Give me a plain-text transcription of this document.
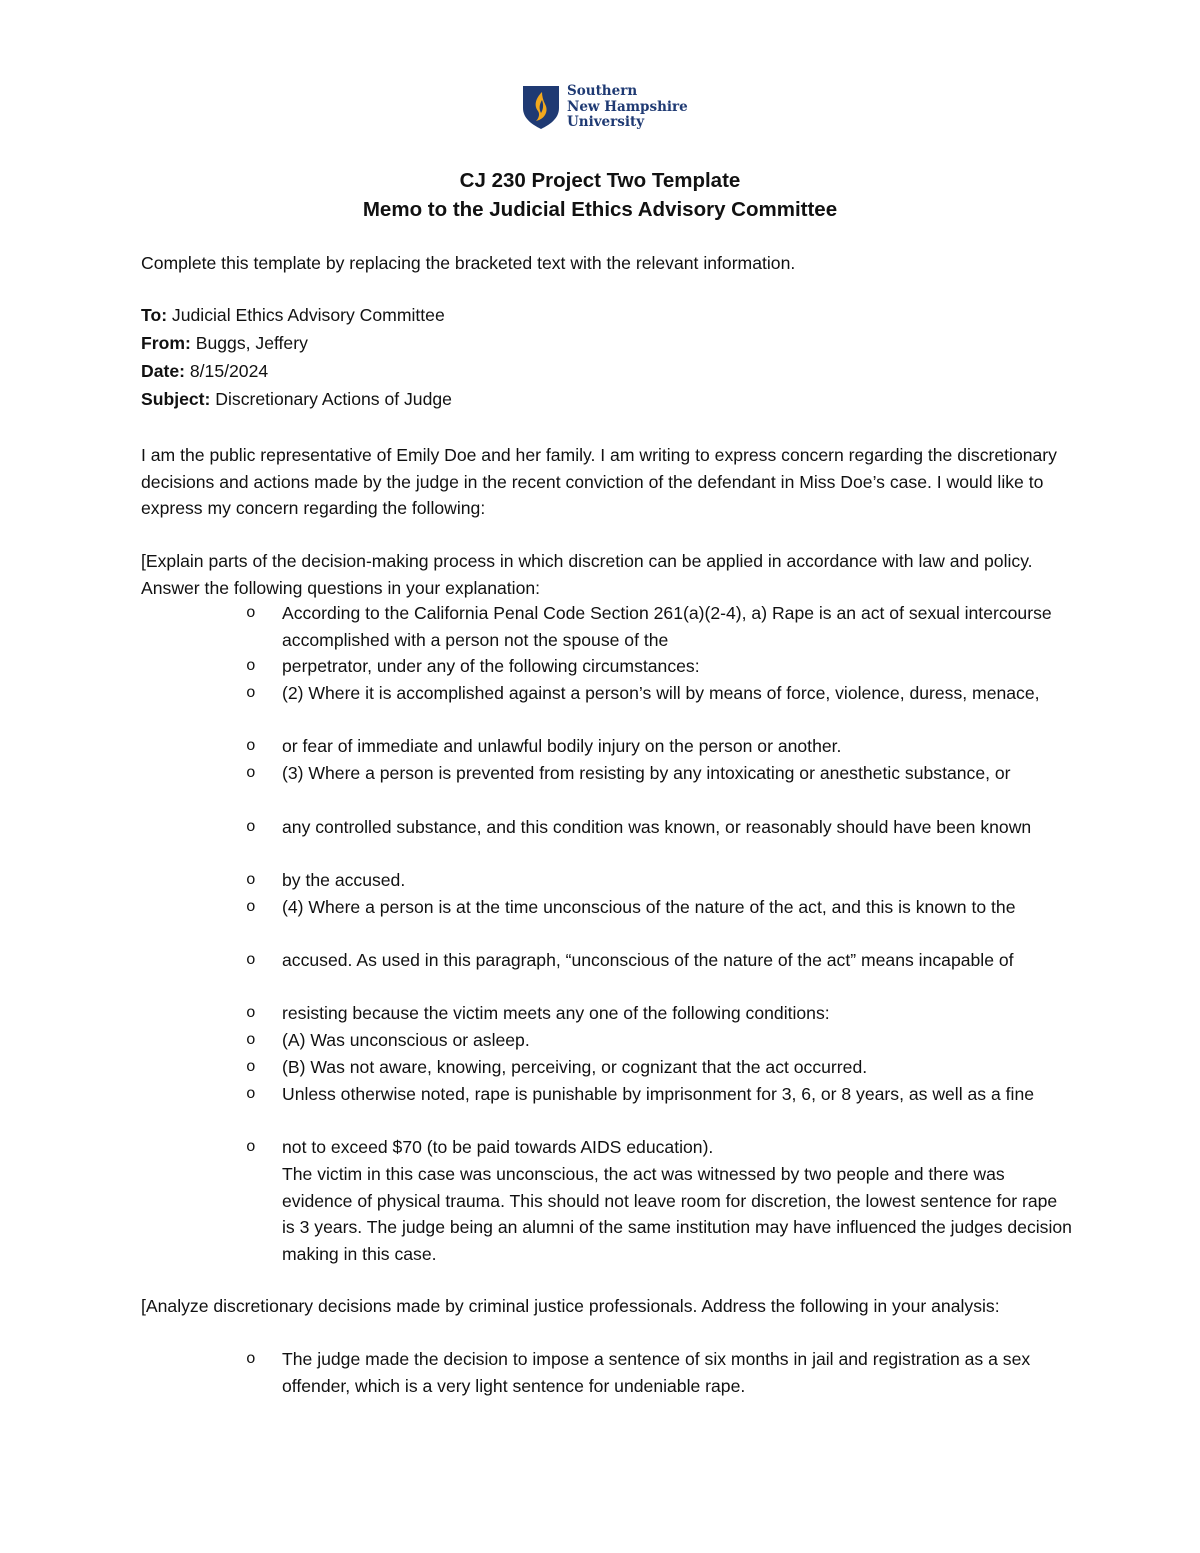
Southern
New Hampshire
University
CJ 230 Project Two Template
Memo to the Judicial Ethics Advisory Committee
Complete this template by replacing the bracketed text with the relevant information.
To: Judicial Ethics Advisory Committee
From: Buggs, Jeffery
Date: 8/15/2024
Subject: Discretionary Actions of Judge
I am the public representative of Emily Doe and her family. I am writing to express concern regarding the discretionary decisions and actions made by the judge in the recent conviction of the defendant in Miss Doe’s case. I would like to express my concern regarding the following:
[Explain parts of the decision-making process in which discretion can be applied in accordance with law and policy. Answer the following questions in your explanation:
o According to the California Penal Code Section 261(a)(2-4), a) Rape is an act of sexual intercourse accomplished with a person not the spouse of the
o perpetrator, under any of the following circumstances:
o (2) Where it is accomplished against a person’s will by means of force, violence, duress, menace,
o or fear of immediate and unlawful bodily injury on the person or another.
o (3) Where a person is prevented from resisting by any intoxicating or anesthetic substance, or
o any controlled substance, and this condition was known, or reasonably should have been known
o by the accused.
o (4) Where a person is at the time unconscious of the nature of the act, and this is known to the
o accused. As used in this paragraph, “unconscious of the nature of the act” means incapable of
o resisting because the victim meets any one of the following conditions:
o (A) Was unconscious or asleep.
o (B) Was not aware, knowing, perceiving, or cognizant that the act occurred.
o Unless otherwise noted, rape is punishable by imprisonment for 3, 6, or 8 years, as well as a fine
o not to exceed $70 (to be paid towards AIDS education).
The victim in this case was unconscious, the act was witnessed by two people and there was evidence of physical trauma. This should not leave room for discretion, the lowest sentence for rape is 3 years. The judge being an alumni of the same institution may have influenced the judges decision making in this case.
[Analyze discretionary decisions made by criminal justice professionals. Address the following in your analysis:
o The judge made the decision to impose a sentence of six months in jail and registration as a sex offender, which is a very light sentence for undeniable rape.
